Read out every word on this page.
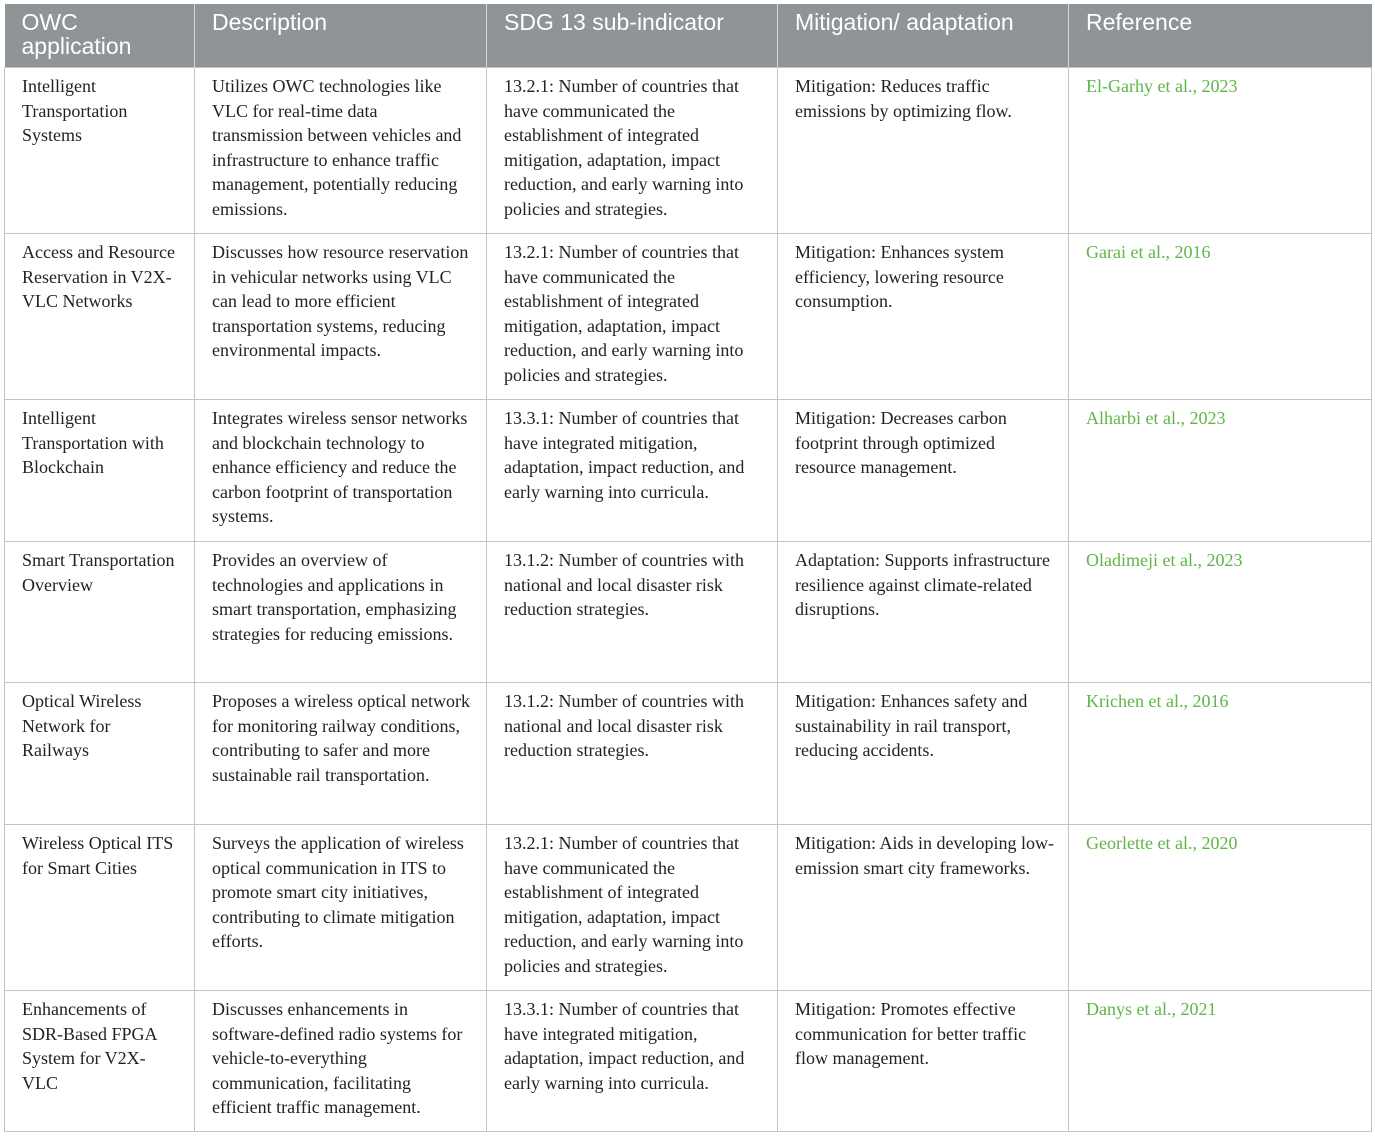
OWC application	Description	SDG 13 sub-indicator	Mitigation/ adaptation	Reference
Intelligent Transportation Systems	Utilizes OWC technologies like VLC for real-time data transmission between vehicles and infrastructure to enhance traffic management, potentially reducing emissions.	13.2.1: Number of countries that have communicated the establishment of integrated mitigation, adaptation, impact reduction, and early warning into policies and strategies.	Mitigation: Reduces traffic emissions by optimizing flow.	El-Garhy et al., 2023
Access and Resource Reservation in V2X-VLC Networks	Discusses how resource reservation in vehicular networks using VLC can lead to more efficient transportation systems, reducing environmental impacts.	13.2.1: Number of countries that have communicated the establishment of integrated mitigation, adaptation, impact reduction, and early warning into policies and strategies.	Mitigation: Enhances system efficiency, lowering resource consumption.	Garai et al., 2016
Intelligent Transportation with Blockchain	Integrates wireless sensor networks and blockchain technology to enhance efficiency and reduce the carbon footprint of transportation systems.	13.3.1: Number of countries that have integrated mitigation, adaptation, impact reduction, and early warning into curricula.	Mitigation: Decreases carbon footprint through optimized resource management.	Alharbi et al., 2023
Smart Transportation Overview	Provides an overview of technologies and applications in smart transportation, emphasizing strategies for reducing emissions.	13.1.2: Number of countries with national and local disaster risk reduction strategies.	Adaptation: Supports infrastructure resilience against climate-related disruptions.	Oladimeji et al., 2023
Optical Wireless Network for Railways	Proposes a wireless optical network for monitoring railway conditions, contributing to safer and more sustainable rail transportation.	13.1.2: Number of countries with national and local disaster risk reduction strategies.	Mitigation: Enhances safety and sustainability in rail transport, reducing accidents.	Krichen et al., 2016
Wireless Optical ITS for Smart Cities	Surveys the application of wireless optical communication in ITS to promote smart city initiatives, contributing to climate mitigation efforts.	13.2.1: Number of countries that have communicated the establishment of integrated mitigation, adaptation, impact reduction, and early warning into policies and strategies.	Mitigation: Aids in developing low-emission smart city frameworks.	Georlette et al., 2020
Enhancements of SDR-Based FPGA System for V2X-VLC	Discusses enhancements in software-defined radio systems for vehicle-to-everything communication, facilitating efficient traffic management.	13.3.1: Number of countries that have integrated mitigation, adaptation, impact reduction, and early warning into curricula.	Mitigation: Promotes effective communication for better traffic flow management.	Danys et al., 2021
